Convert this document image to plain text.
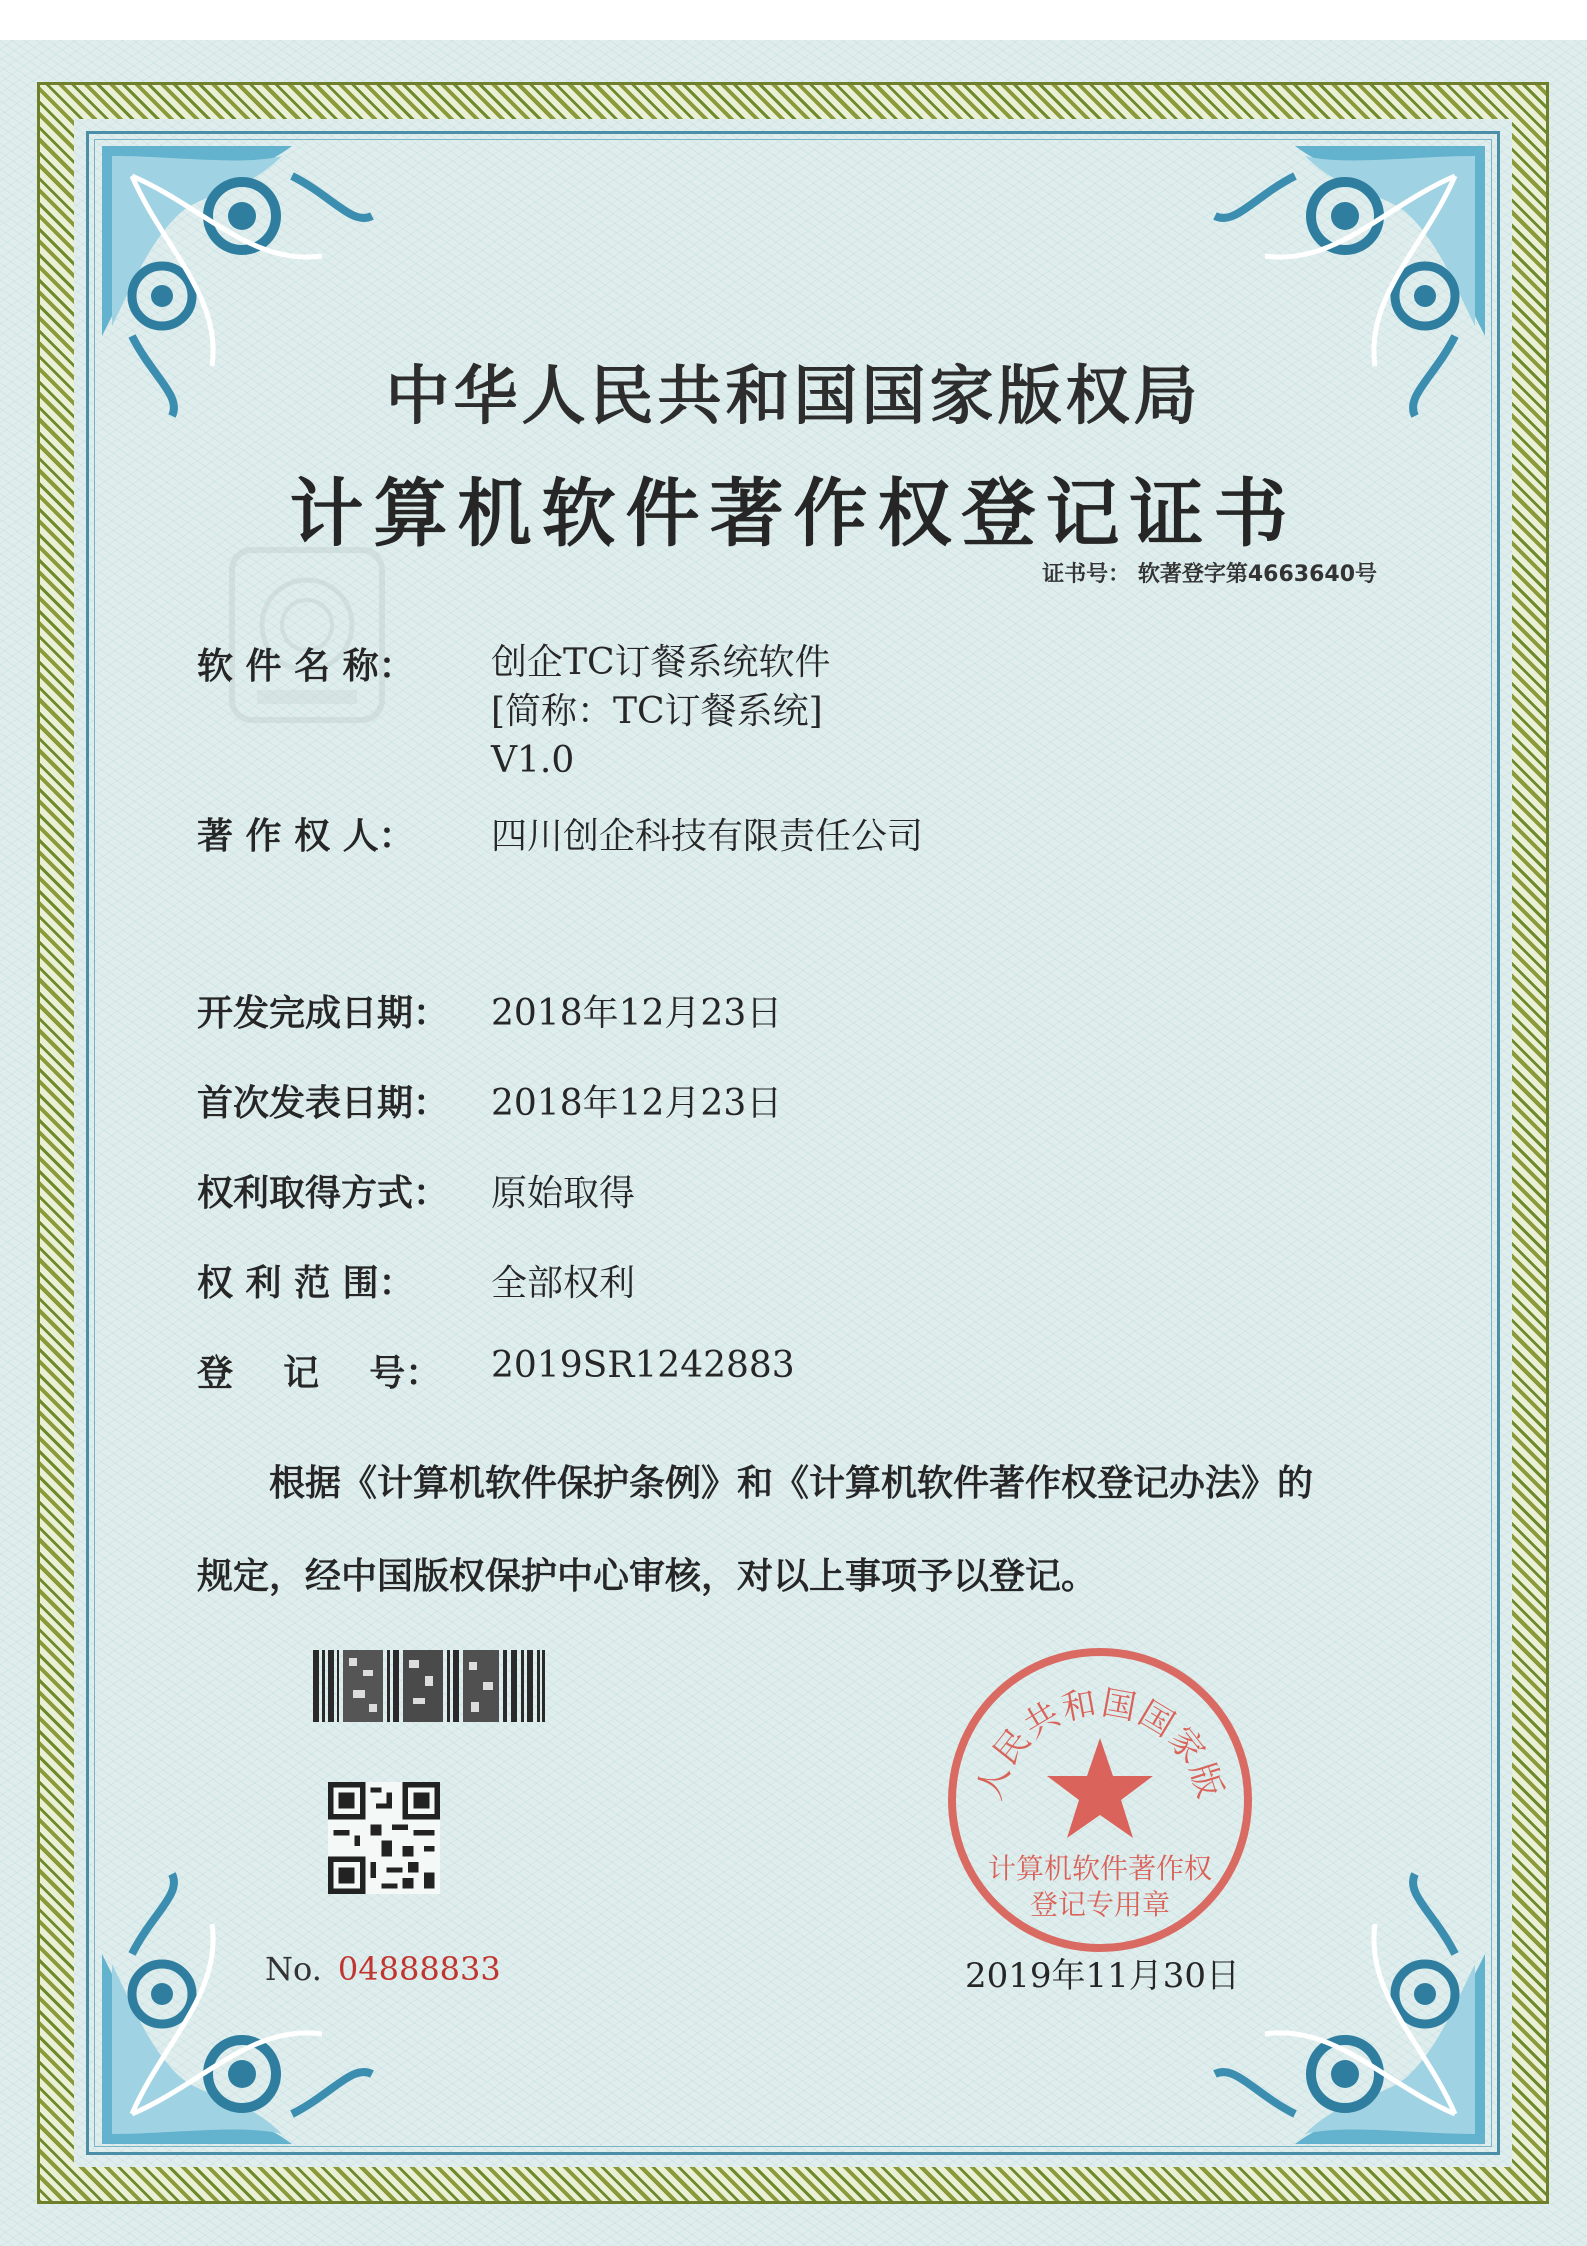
中华人民共和国国家版权局
计算机软件著作权登记证书
证书号： 软著登字第4663640号
软 件 名 称： 创企TC订餐系统软件
[简称：TC订餐系统]
V1.0
著 作 权 人： 四川创企科技有限责任公司
开发完成日期： 2018年12月23日
首次发表日期： 2018年12月23日
权利取得方式： 原始取得
权 利 范 围： 全部权利
登    记    号： 2019SR1242883
根据《计算机软件保护条例》和《计算机软件著作权登记办法》的
规定，经中国版权保护中心审核，对以上事项予以登记。
No. 04888833
人民共和国国家版
计算机软件著作权
登记专用章
2019年11月30日
